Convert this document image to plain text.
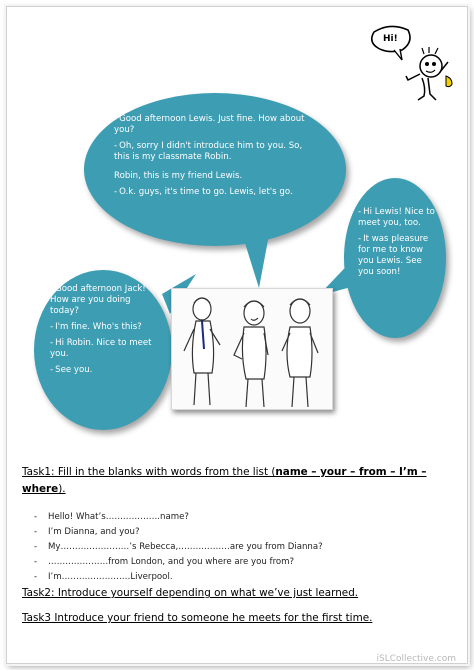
Hi!
- Good afternoon Lewis. Just fine. How about you?
- Oh, sorry I didn't introduce him to you. So, this is my classmate Robin.
Robin, this is my friend Lewis.
- O.k. guys, it's time to go. Lewis, let's go.
- Hi Lewis! Nice to meet you, too.
- It was pleasure for me to know you Lewis. See you soon!
- Good afternoon Jack! How are you doing today?
- I'm fine. Who's this?
- Hi Robin. Nice to meet you.
- See you.
Task1: Fill in the blanks with words from the list (name – your – from – I’m – where).
- Hello! What’s……………….name?
- I’m Dianna, and you?
- My……………………’s Rebecca,………………are you from Dianna?
- …………………from London, and you where are you from?
- I’m……………………Liverpool.
Task2: Introduce yourself depending on what we’ve just learned.
Task3 Introduce your friend to someone he meets for the first time.
iSLCollective.com
